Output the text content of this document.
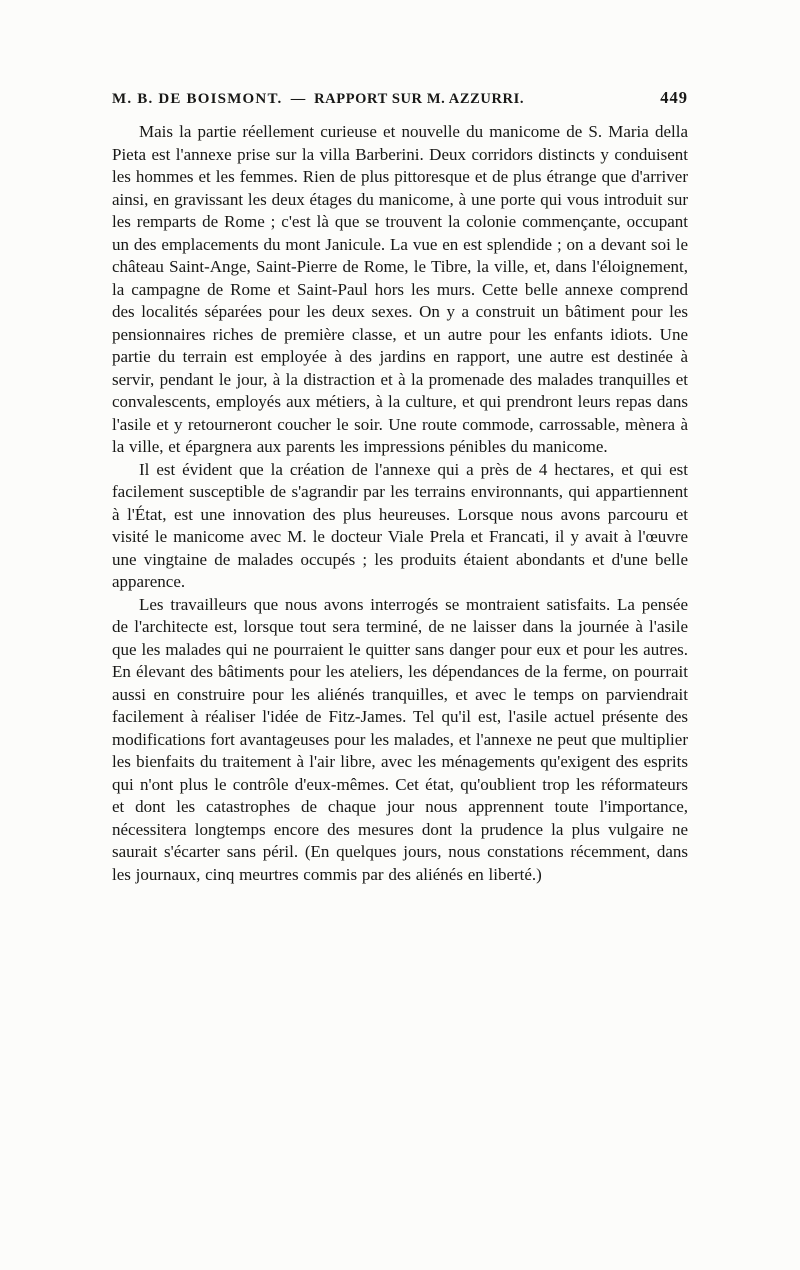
M. B. DE BOISMONT. — RAPPORT SUR M. AZZURRI.	449

Mais la partie réellement curieuse et nouvelle du manicome de S. Maria della Pieta est l'annexe prise sur la villa Barberini. Deux corridors distincts y conduisent les hommes et les femmes. Rien de plus pittoresque et de plus étrange que d'arriver ainsi, en gravissant les deux étages du manicome, à une porte qui vous introduit sur les remparts de Rome ; c'est là que se trouvent la colonie commençante, occupant un des emplacements du mont Janicule. La vue en est splendide ; on a devant soi le château Saint-Ange, Saint-Pierre de Rome, le Tibre, la ville, et, dans l'éloignement, la campagne de Rome et Saint-Paul hors les murs. Cette belle annexe comprend des localités séparées pour les deux sexes. On y a construit un bâtiment pour les pensionnaires riches de première classe, et un autre pour les enfants idiots. Une partie du terrain est employée à des jardins en rapport, une autre est destinée à servir, pendant le jour, à la distraction et à la promenade des malades tranquilles et convalescents, employés aux métiers, à la culture, et qui prendront leurs repas dans l'asile et y retourneront coucher le soir. Une route commode, carrossable, mènera à la ville, et épargnera aux parents les impressions pénibles du manicome.

Il est évident que la création de l'annexe qui a près de 4 hectares, et qui est facilement susceptible de s'agrandir par les terrains environnants, qui appartiennent à l'État, est une innovation des plus heureuses. Lorsque nous avons parcouru et visité le manicome avec M. le docteur Viale Prela et Francati, il y avait à l'œuvre une vingtaine de malades occupés ; les produits étaient abondants et d'une belle apparence.

Les travailleurs que nous avons interrogés se montraient satisfaits. La pensée de l'architecte est, lorsque tout sera terminé, de ne laisser dans la journée à l'asile que les malades qui ne pourraient le quitter sans danger pour eux et pour les autres. En élevant des bâtiments pour les ateliers, les dépendances de la ferme, on pourrait aussi en construire pour les aliénés tranquilles, et avec le temps on parviendrait facilement à réaliser l'idée de Fitz-James. Tel qu'il est, l'asile actuel présente des modifications fort avantageuses pour les malades, et l'annexe ne peut que multiplier les bienfaits du traitement à l'air libre, avec les ménagements qu'exigent des esprits qui n'ont plus le contrôle d'eux-mêmes. Cet état, qu'oublient trop les réformateurs et dont les catastrophes de chaque jour nous apprennent toute l'importance, nécessitera longtemps encore des mesures dont la prudence la plus vulgaire ne saurait s'écarter sans péril. (En quelques jours, nous constations récemment, dans les journaux, cinq meurtres commis par des aliénés en liberté.)
